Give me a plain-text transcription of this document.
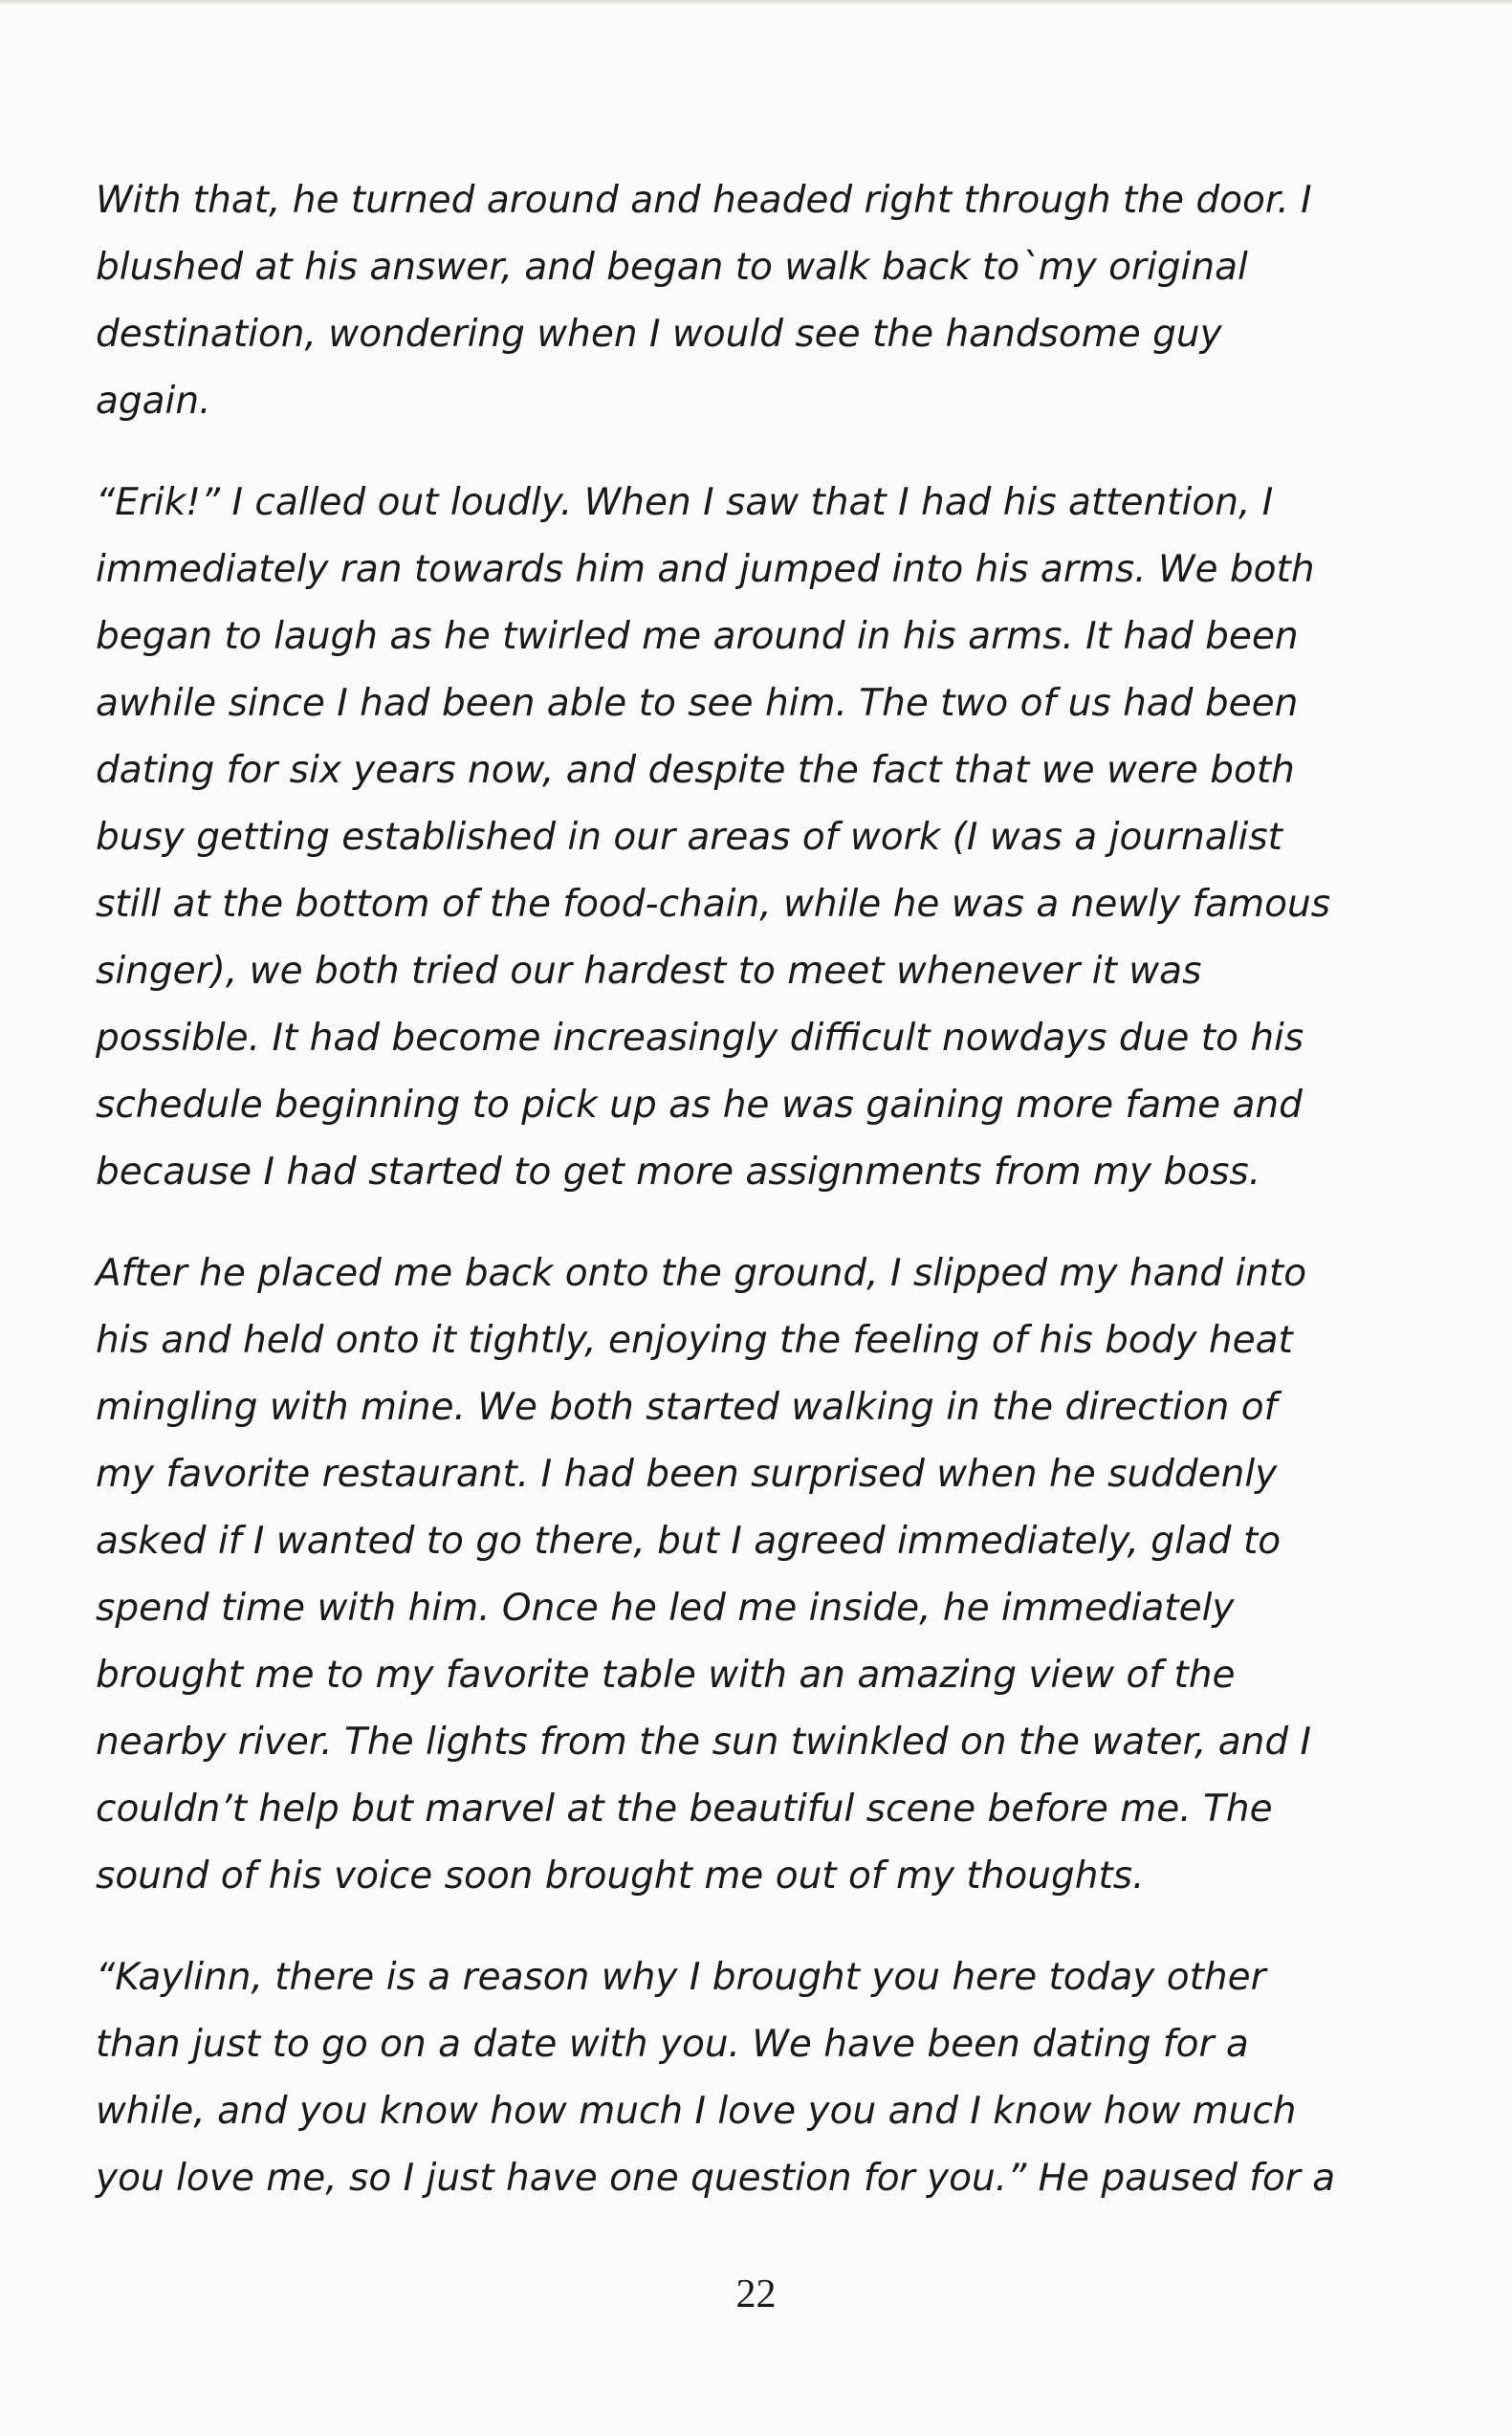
With that, he turned around and headed right through the door. I
blushed at his answer, and began to walk back to`my original
destination, wondering when I would see the handsome guy
again.

“Erik!” I called out loudly. When I saw that I had his attention, I
immediately ran towards him and jumped into his arms. We both
began to laugh as he twirled me around in his arms. It had been
awhile since I had been able to see him. The two of us had been
dating for six years now, and despite the fact that we were both
busy getting established in our areas of work (I was a journalist
still at the bottom of the food-chain, while he was a newly famous
singer), we both tried our hardest to meet whenever it was
possible. It had become increasingly difficult nowdays due to his
schedule beginning to pick up as he was gaining more fame and
because I had started to get more assignments from my boss.

After he placed me back onto the ground, I slipped my hand into
his and held onto it tightly, enjoying the feeling of his body heat
mingling with mine. We both started walking in the direction of
my favorite restaurant. I had been surprised when he suddenly
asked if I wanted to go there, but I agreed immediately, glad to
spend time with him. Once he led me inside, he immediately
brought me to my favorite table with an amazing view of the
nearby river. The lights from the sun twinkled on the water, and I
couldn’t help but marvel at the beautiful scene before me. The
sound of his voice soon brought me out of my thoughts.

“Kaylinn, there is a reason why I brought you here today other
than just to go on a date with you. We have been dating for a
while, and you know how much I love you and I know how much
you love me, so I just have one question for you.” He paused for a

22
